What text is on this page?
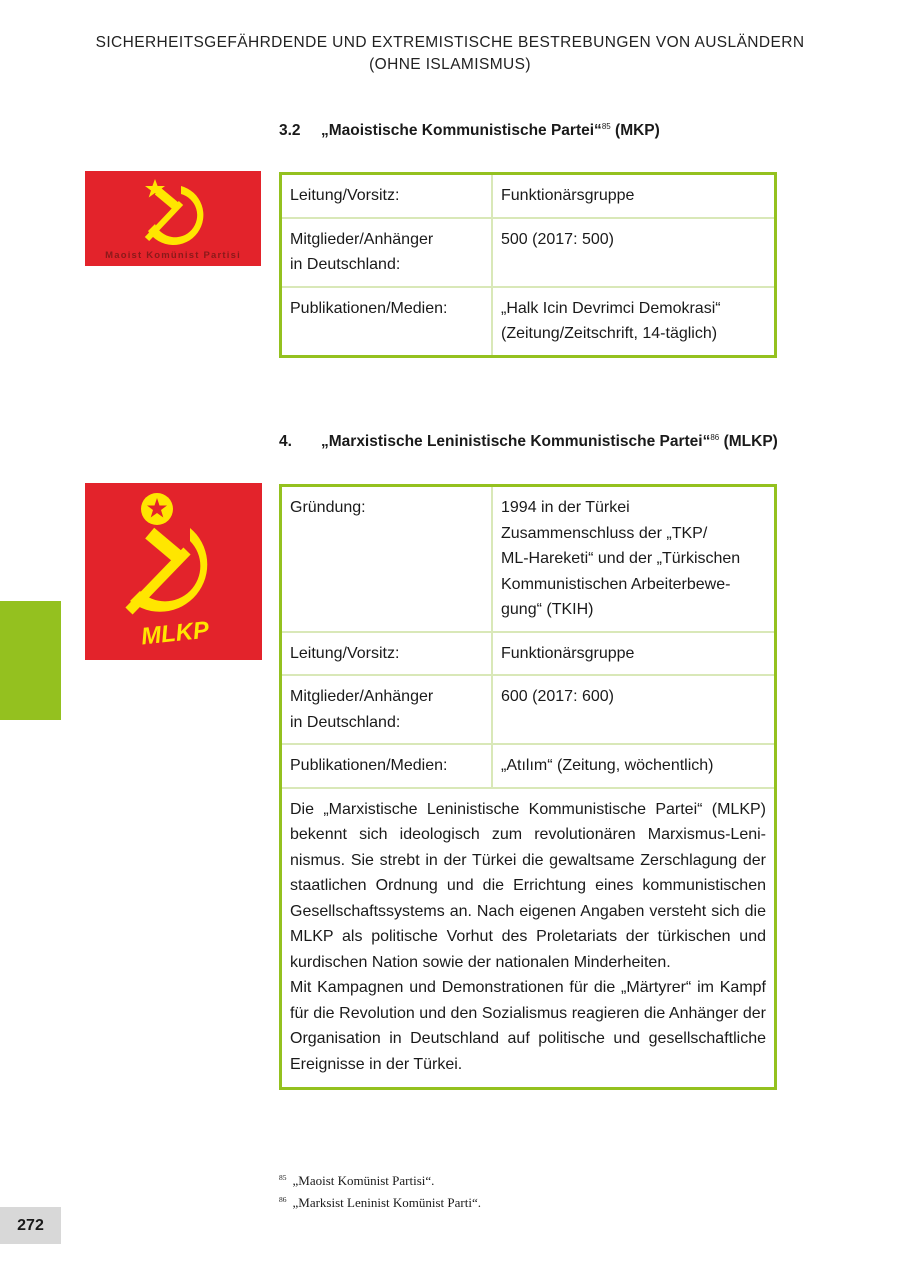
SICHERHEITSGEFÄHRDENDE UND EXTREMISTISCHE BESTREBUNGEN VON AUSLÄNDERN
(OHNE ISLAMISMUS)
3.2 „Maoistische Kommunistische Partei“$^{85}$ (MKP)
Maoist Komünist Partisi
Leitung/Vorsitz:	Funktionärsgruppe
Mitglieder/Anhänger
in Deutschland:	500 (2017: 500)
Publikationen/Medien:	„Halk Icin Devrimci Demokrasi“
(Zeitung/Zeitschrift, 14-täglich)
4. „Marxistische Leninistische Kommunistische Partei“$^{86}$ (MLKP)
MLKP
Gründung:	1994 in der Türkei
Zusammenschluss der „TKP/
ML-Hareketi“ und der „Türkischen
Kommunistischen Arbeiterbewe-
gung“ (TKIH)
Leitung/Vorsitz:	Funktionärsgruppe
Mitglieder/Anhänger
in Deutschland:	600 (2017: 600)
Publikationen/Medien:	„Atılım“ (Zeitung, wöchentlich)

Die „Marxistische Leninistische Kommunistische Partei“ (MLKP) bekennt sich ideologisch zum revolutionären Marxismus-Leninismus. Sie strebt in der Türkei die gewaltsame Zerschlagung der staatlichen Ordnung und die Errichtung eines kommunistischen Gesellschaftssystems an. Nach eigenen Angaben versteht sich die MLKP als politische Vorhut des Proletariats der türkischen und kurdischen Nation sowie der nationalen Minderheiten.
Mit Kampagnen und Demonstrationen für die „Märtyrer“ im Kampf für die Revolution und den Sozialismus reagieren die Anhänger der Organisation in Deutschland auf politische und gesellschaftliche Ereignisse in der Türkei.	
$^{85}$ „Maoist Komünist Partisi“.
$^{86}$ „Marksist Leninist Komünist Parti“.
272
